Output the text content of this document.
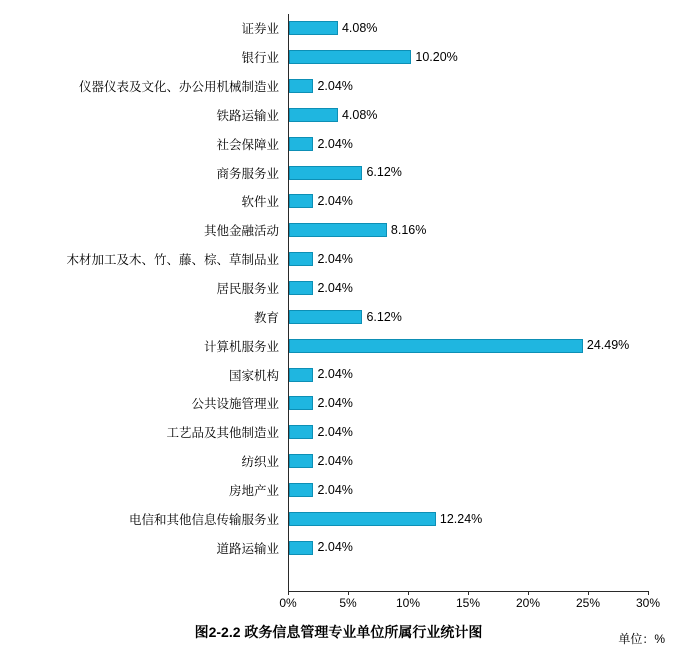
证券业
银行业
仪器仪表及文化、办公用机械制造业
铁路运输业
社会保障业
商务服务业
软件业
其他金融活动
木材加工及木、竹、藤、棕、草制品业
居民服务业
教育
计算机服务业
国家机构
公共设施管理业
工艺品及其他制造业
纺织业
房地产业
电信和其他信息传输服务业
道路运输业
4.08%
10.20%
2.04%
4.08%
2.04%
6.12%
2.04%
8.16%
2.04%
2.04%
6.12%
24.49%
2.04%
2.04%
2.04%
2.04%
2.04%
12.24%
2.04%
0%	5%	10%	15%	20%	25%	30%
图2-2.2 政务信息管理专业单位所属行业统计图	单位：%
